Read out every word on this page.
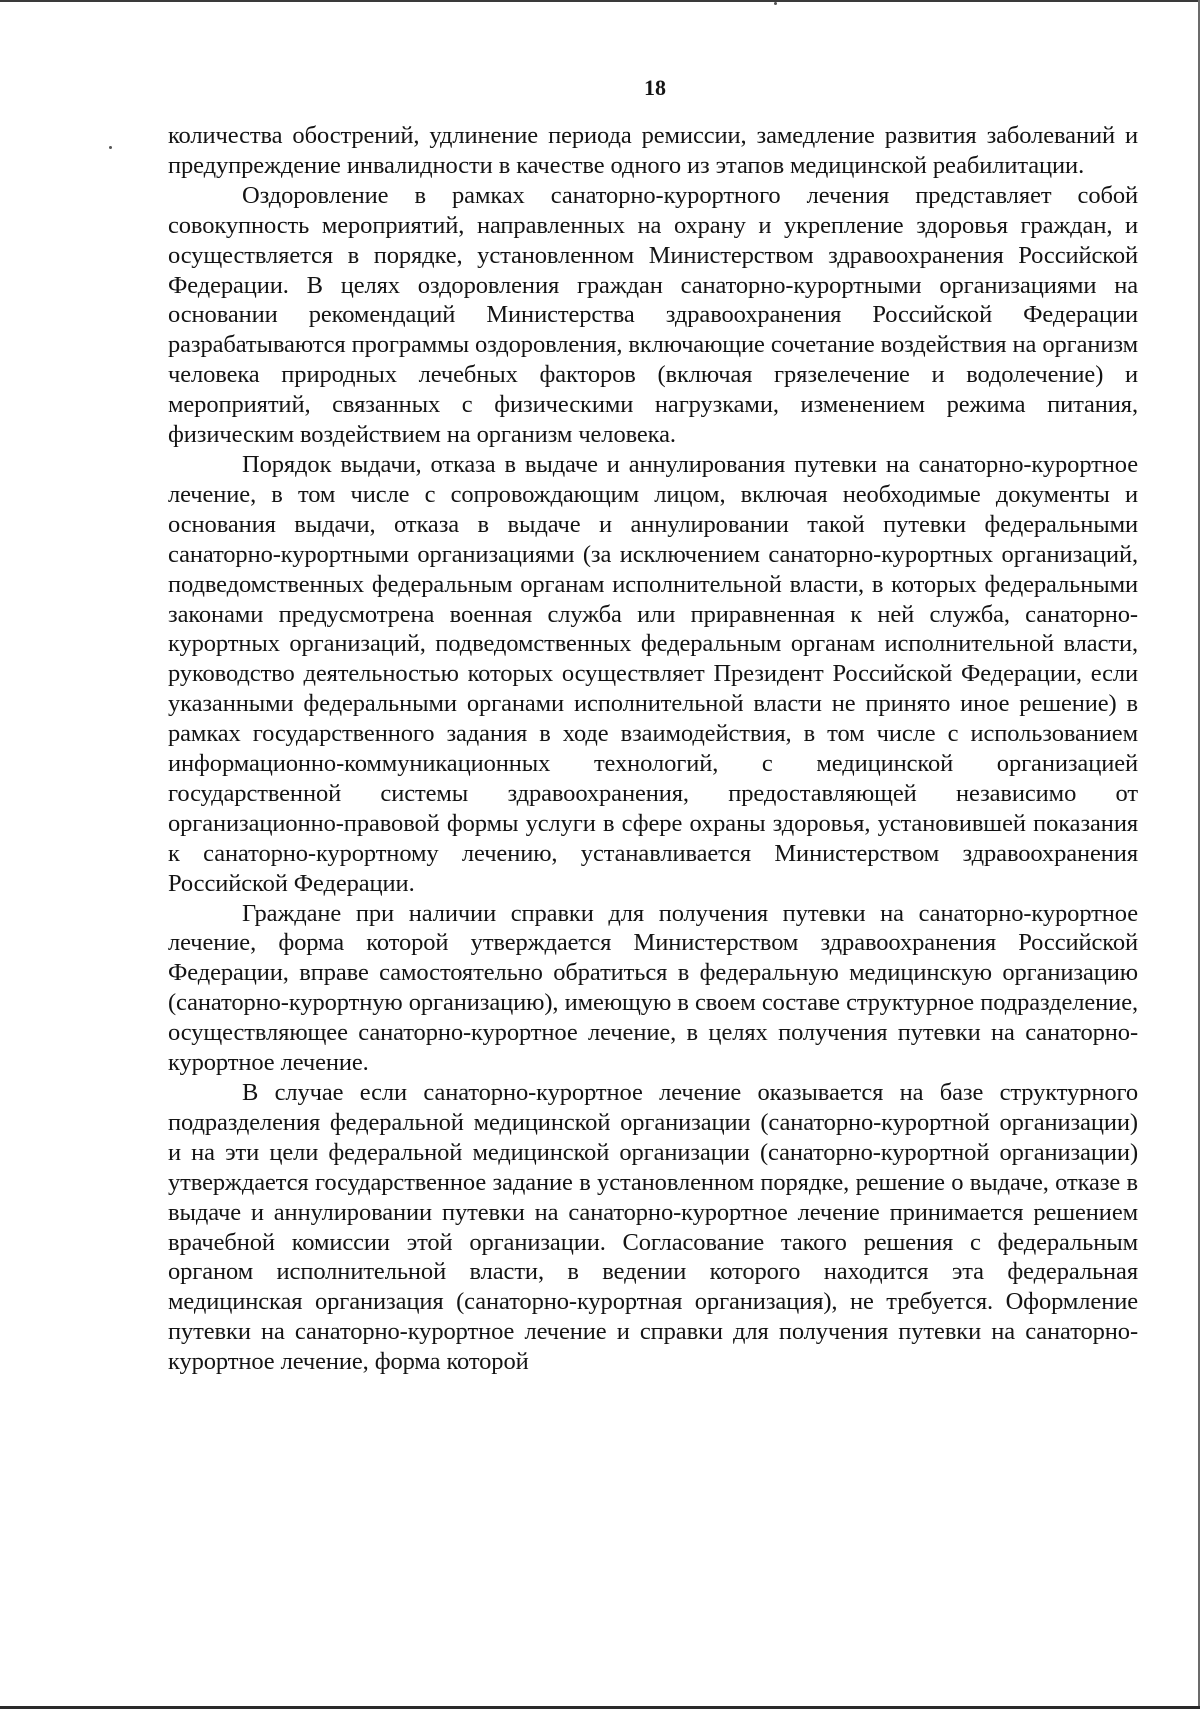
18

количества обострений, удлинение периода ремиссии, замедление развития заболеваний и предупреждение инвалидности в качестве одного из этапов медицинской реабилитации.

Оздоровление в рамках санаторно-курортного лечения представляет собой совокупность мероприятий, направленных на охрану и укрепление здоровья граждан, и осуществляется в порядке, установленном Министерством здравоохранения Российской Федерации. В целях оздоровления граждан санаторно-курортными организациями на основании рекомендаций Министерства здравоохранения Российской Федерации разрабатываются программы оздоровления, включающие сочетание воздействия на организм человека природных лечебных факторов (включая грязелечение и водолечение) и мероприятий, связанных с физическими нагрузками, изменением режима питания, физическим воздействием на организм человека.

Порядок выдачи, отказа в выдаче и аннулирования путевки на санаторно-курортное лечение, в том числе с сопровождающим лицом, включая необходимые документы и основания выдачи, отказа в выдаче и аннулировании такой путевки федеральными санаторно-курортными организациями (за исключением санаторно-курортных организаций, подведомственных федеральным органам исполнительной власти, в которых федеральными законами предусмотрена военная служба или приравненная к ней служба, санаторно-курортных организаций, подведомственных федеральным органам исполнительной власти, руководство деятельностью которых осуществляет Президент Российской Федерации, если указанными федеральными органами исполнительной власти не принято иное решение) в рамках государственного задания в ходе взаимодействия, в том числе с использованием информационно-коммуникационных технологий, с медицинской организацией государственной системы здравоохранения, предоставляющей независимо от организационно-правовой формы услуги в сфере охраны здоровья, установившей показания к санаторно-курортному лечению, устанавливается Министерством здравоохранения Российской Федерации.

Граждане при наличии справки для получения путевки на санаторно-курортное лечение, форма которой утверждается Министерством здравоохранения Российской Федерации, вправе самостоятельно обратиться в федеральную медицинскую организацию (санаторно-курортную организацию), имеющую в своем составе структурное подразделение, осуществляющее санаторно-курортное лечение, в целях получения путевки на санаторно-курортное лечение.

В случае если санаторно-курортное лечение оказывается на базе структурного подразделения федеральной медицинской организации (санаторно-курортной организации) и на эти цели федеральной медицинской организации (санаторно-курортной организации) утверждается государственное задание в установленном порядке, решение о выдаче, отказе в выдаче и аннулировании путевки на санаторно-курортное лечение принимается решением врачебной комиссии этой организации. Согласование такого решения с федеральным органом исполнительной власти, в ведении которого находится эта федеральная медицинская организация (санаторно-курортная организация), не требуется. Оформление путевки на санаторно-курортное лечение и справки для получения путевки на санаторно-курортное лечение, форма которой
